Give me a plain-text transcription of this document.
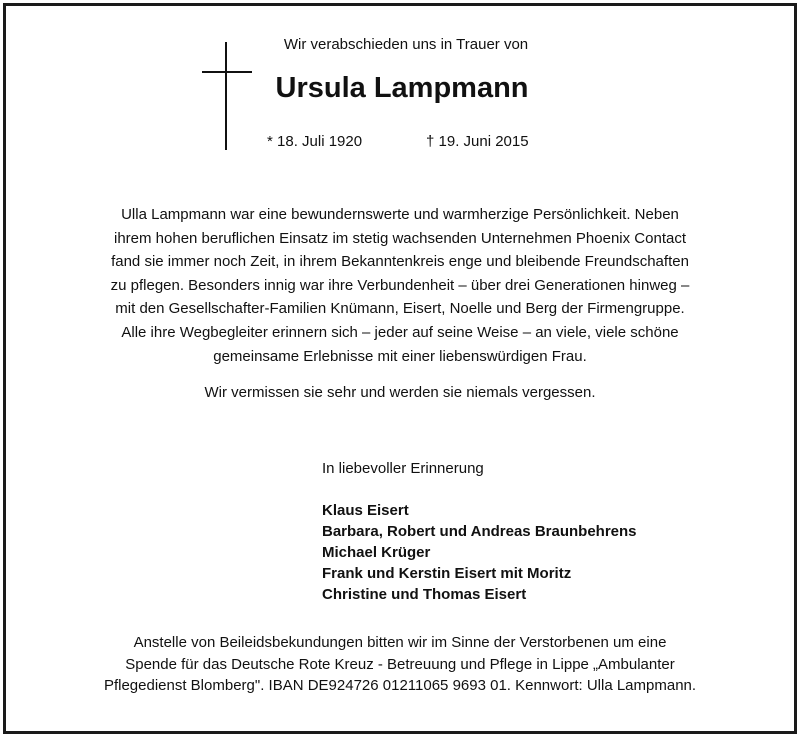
Wir verabschieden uns in Trauer von
Ursula Lampmann
* 18. Juli 1920	† 19. Juni 2015

Ulla Lampmann war eine bewundernswerte und warmherzige Persönlichkeit. Neben

ihrem hohen beruflichen Einsatz im stetig wachsenden Unternehmen Phoenix Contact

fand sie immer noch Zeit, in ihrem Bekanntenkreis enge und bleibende Freundschaften

zu pflegen. Besonders innig war ihre Verbundenheit – über drei Generationen hinweg –

mit den Gesellschafter-Familien Knümann, Eisert, Noelle und Berg der Firmengruppe.

Alle ihre Wegbegleiter erinnern sich – jeder auf seine Weise – an viele, viele schöne

gemeinsame Erlebnisse mit einer liebenswürdigen Frau.

Wir vermissen sie sehr und werden sie niemals vergessen.
In liebevoller Erinnerung
Klaus Eisert
Barbara, Robert und Andreas Braunbehrens
Michael Krüger
Frank und Kerstin Eisert mit Moritz
Christine und Thomas Eisert

Anstelle von Beileidsbekundungen bitten wir im Sinne der Verstorbenen um eine

Spende für das Deutsche Rote Kreuz - Betreuung und Pflege in Lippe „Ambulanter

Pflegedienst Blomberg". IBAN DE924726 01211065 9693 01. Kennwort: Ulla Lampmann.
